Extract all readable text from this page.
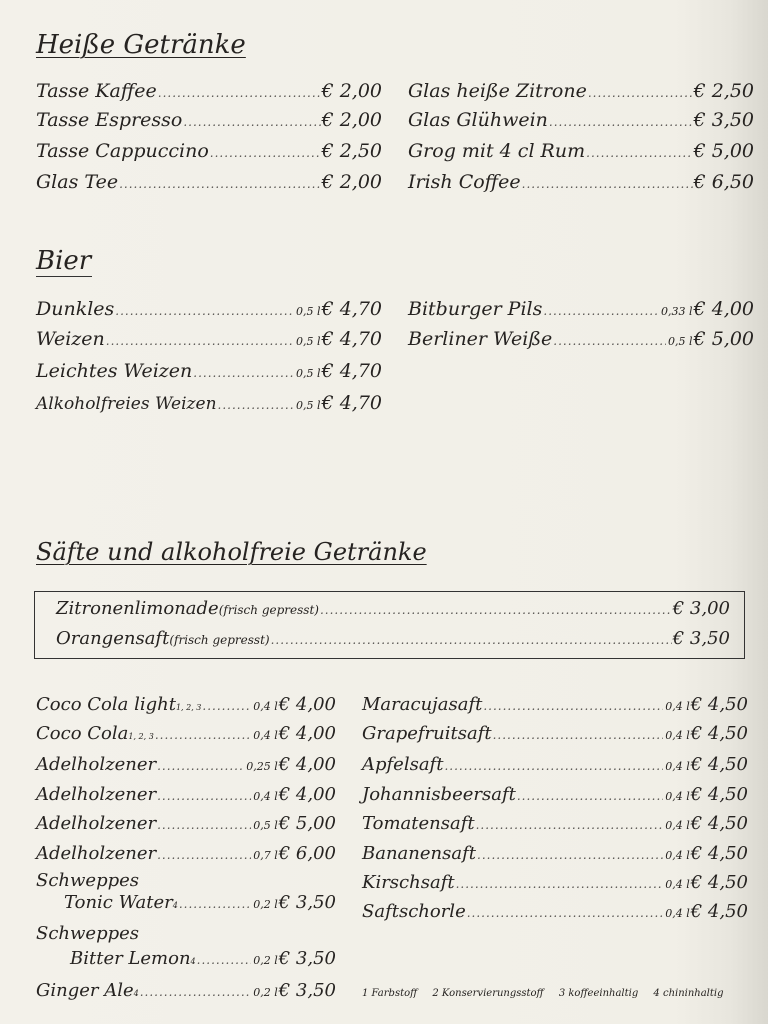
Heiße Getränke
Tasse Kaffee .....	€ 2,00
Tasse Espresso .....	€ 2,00
Tasse Cappuccino .....	€ 2,50
Glas Tee .....	€ 2,00
Glas heiße Zitrone .....	€ 2,50
Glas Glühwein .....	€ 3,50
Grog mit 4 cl Rum .....	€ 5,00
Irish Coffee .....	€ 6,50
Bier
Dunkles .....	0,5 l € 4,70
Weizen .....	0,5 l € 4,70
Leichtes Weizen .....	0,5 l € 4,70
Alkoholfreies Weizen .....	0,5 l € 4,70
Bitburger Pils .....	0,33 l € 4,00
Berliner Weiße .....	0,5 l € 5,00
Säfte und alkoholfreie Getränke
Zitronenlimonade (frisch gepresst) .....	€ 3,00
Orangensaft (frisch gepresst) .....	€ 3,50
Coco Cola light 1, 2, 3 .....	0,4 l € 4,00
Coco Cola 1, 2, 3 .....	0,4 l € 4,00
Adelholzener .....	0,25 l € 4,00
Adelholzener .....	0,4 l € 4,00
Adelholzener .....	0,5 l € 5,00
Adelholzener .....	0,7 l € 6,00
Schweppes
Tonic Water 4 .....	0,2 l € 3,50
Schweppes
Bitter Lemon 4 .....	0,2 l € 3,50
Ginger Ale 4 .....	0,2 l € 3,50
Maracujasaft .....	0,4 l € 4,50
Grapefruitsaft .....	0,4 l € 4,50
Apfelsaft .....	0,4 l € 4,50
Johannisbeersaft .....	0,4 l € 4,50
Tomatensaft .....	0,4 l € 4,50
Bananensaft .....	0,4 l € 4,50
Kirschsaft .....	0,4 l € 4,50
Saftschorle .....	0,4 l € 4,50
1 Farbstoff 2 Konservierungsstoff 3 koffeeinhaltig 4 chininhaltig
